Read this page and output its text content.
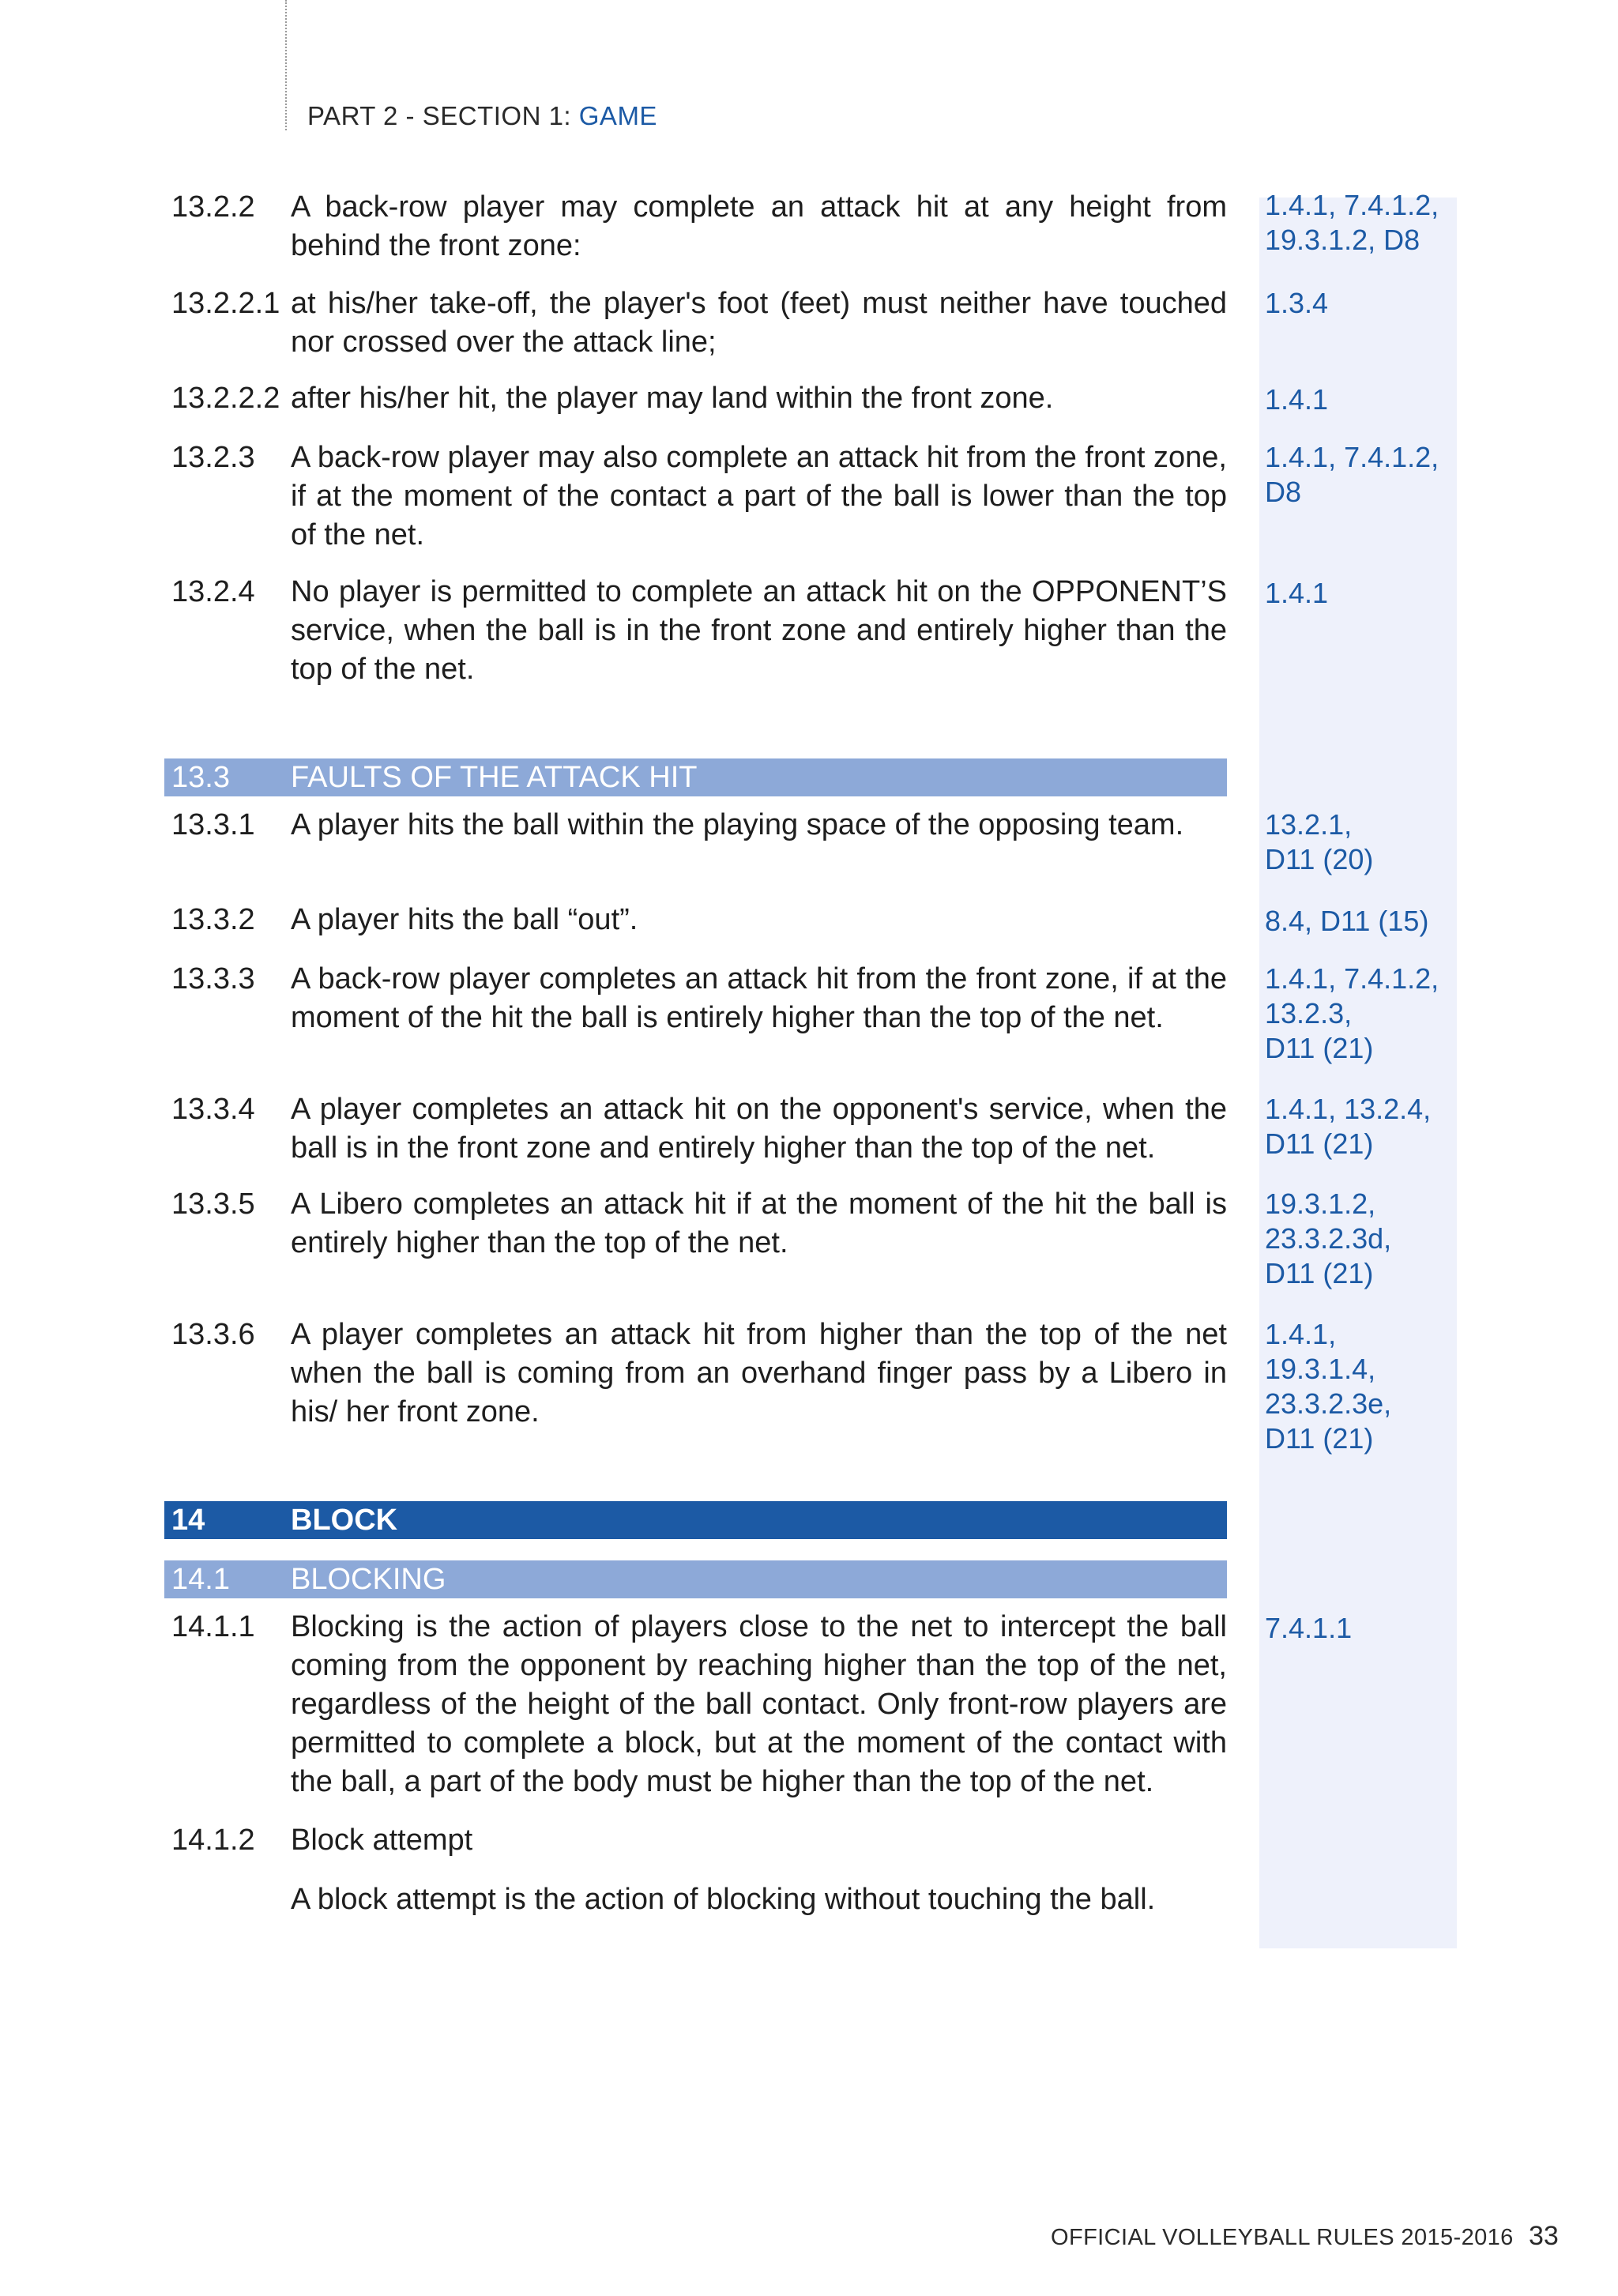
PART 2 - SECTION 1: GAME
13.2.2 A back-row player may complete an attack hit at any height from behind the front zone:
1.4.1, 7.4.1.2,
19.3.1.2, D8
13.2.2.1 at his/her take-off, the player's foot (feet) must neither have touched nor crossed over the attack line;
1.3.4
13.2.2.2 after his/her hit, the player may land within the front zone.	1.4.1
13.2.3 A back-row player may also complete an attack hit from the front zone, if at the moment of the contact a part of the ball is lower than the top of the net.
1.4.1, 7.4.1.2,
D8
13.2.4 No player is permitted to complete an attack hit on the OPPONENT’S service, when the ball is in the front zone and entirely higher than the top of the net.
1.4.1
13.3.1 A player hits the ball within the playing space of the opposing team.	13.2.1,
D11 (20)
13.3.2 A player hits the ball “out”.	8.4, D11 (15)
13.3.3 A back-row player completes an attack hit from the front zone, if at the moment of the hit the ball is entirely higher than the top of the net.
1.4.1, 7.4.1.2,
13.2.3,
D11 (21)
13.3.4 A player completes an attack hit on the opponent's service, when the ball is in the front zone and entirely higher than the top of the net.
1.4.1, 13.2.4,
D11 (21)
13.3.5 A Libero completes an attack hit if at the moment of the hit the ball is entirely higher than the top of the net.
19.3.1.2,
23.3.2.3d,
D11 (21)
13.3.6 A player completes an attack hit from higher than the top of the net when the ball is coming from an overhand finger pass by a Libero in his/ her front zone.
1.4.1, 19.3.1.4,
23.3.2.3e,
D11 (21)
14.1.1 Blocking is the action of players close to the net to intercept the ball coming from the opponent by reaching higher than the top of the net, regardless of the height of the ball contact. Only front-row players are permitted to complete a block, but at the moment of the contact with the ball, a part of the body must be higher than the top of the net.
7.4.1.1
14.1.2 Block attempt
A block attempt is the action of blocking without touching the ball.
13.3 FAULTS OF THE ATTACK HIT
14	BLOCK
14.1 BLOCKING
OFFICIAL VOLLEYBALL RULES 2015-2016 33
